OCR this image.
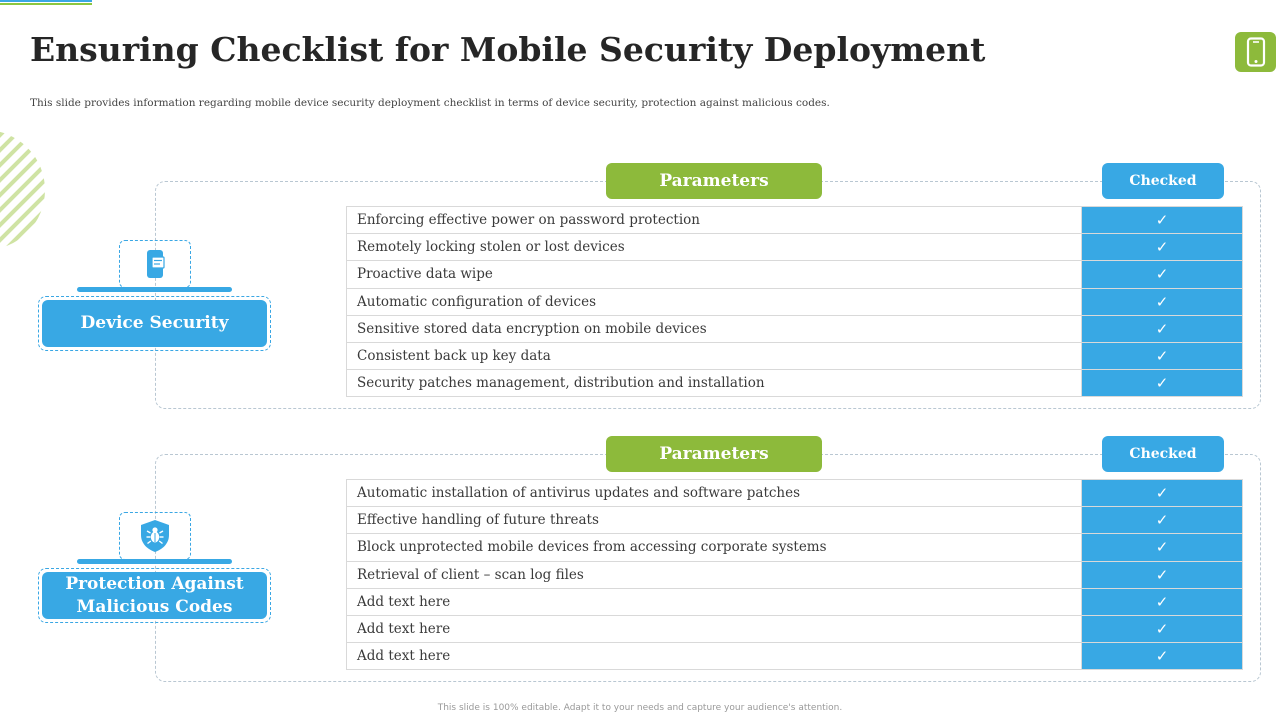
Ensuring Checklist for Mobile Security Deployment

This slide provides information regarding mobile device security deployment checklist in terms of device security, protection against malicious codes.

Parameters	Checked
Enforcing effective power on password protection	✓
Remotely locking stolen or lost devices	✓
Proactive data wipe	✓
Automatic configuration of devices	✓
Sensitive stored data encryption on mobile devices	✓
Consistent back up key data	✓
Security patches management, distribution and installation	✓
Device Security
Parameters	Checked
Automatic installation of antivirus updates and software patches	✓
Effective handling of future threats	✓
Block unprotected mobile devices from accessing corporate systems	✓
Retrieval of client – scan log files	✓
Add text here	✓
Add text here	✓
Add text here	✓
Protection Against Malicious Codes
This slide is 100% editable. Adapt it to your needs and capture your audience's attention.
